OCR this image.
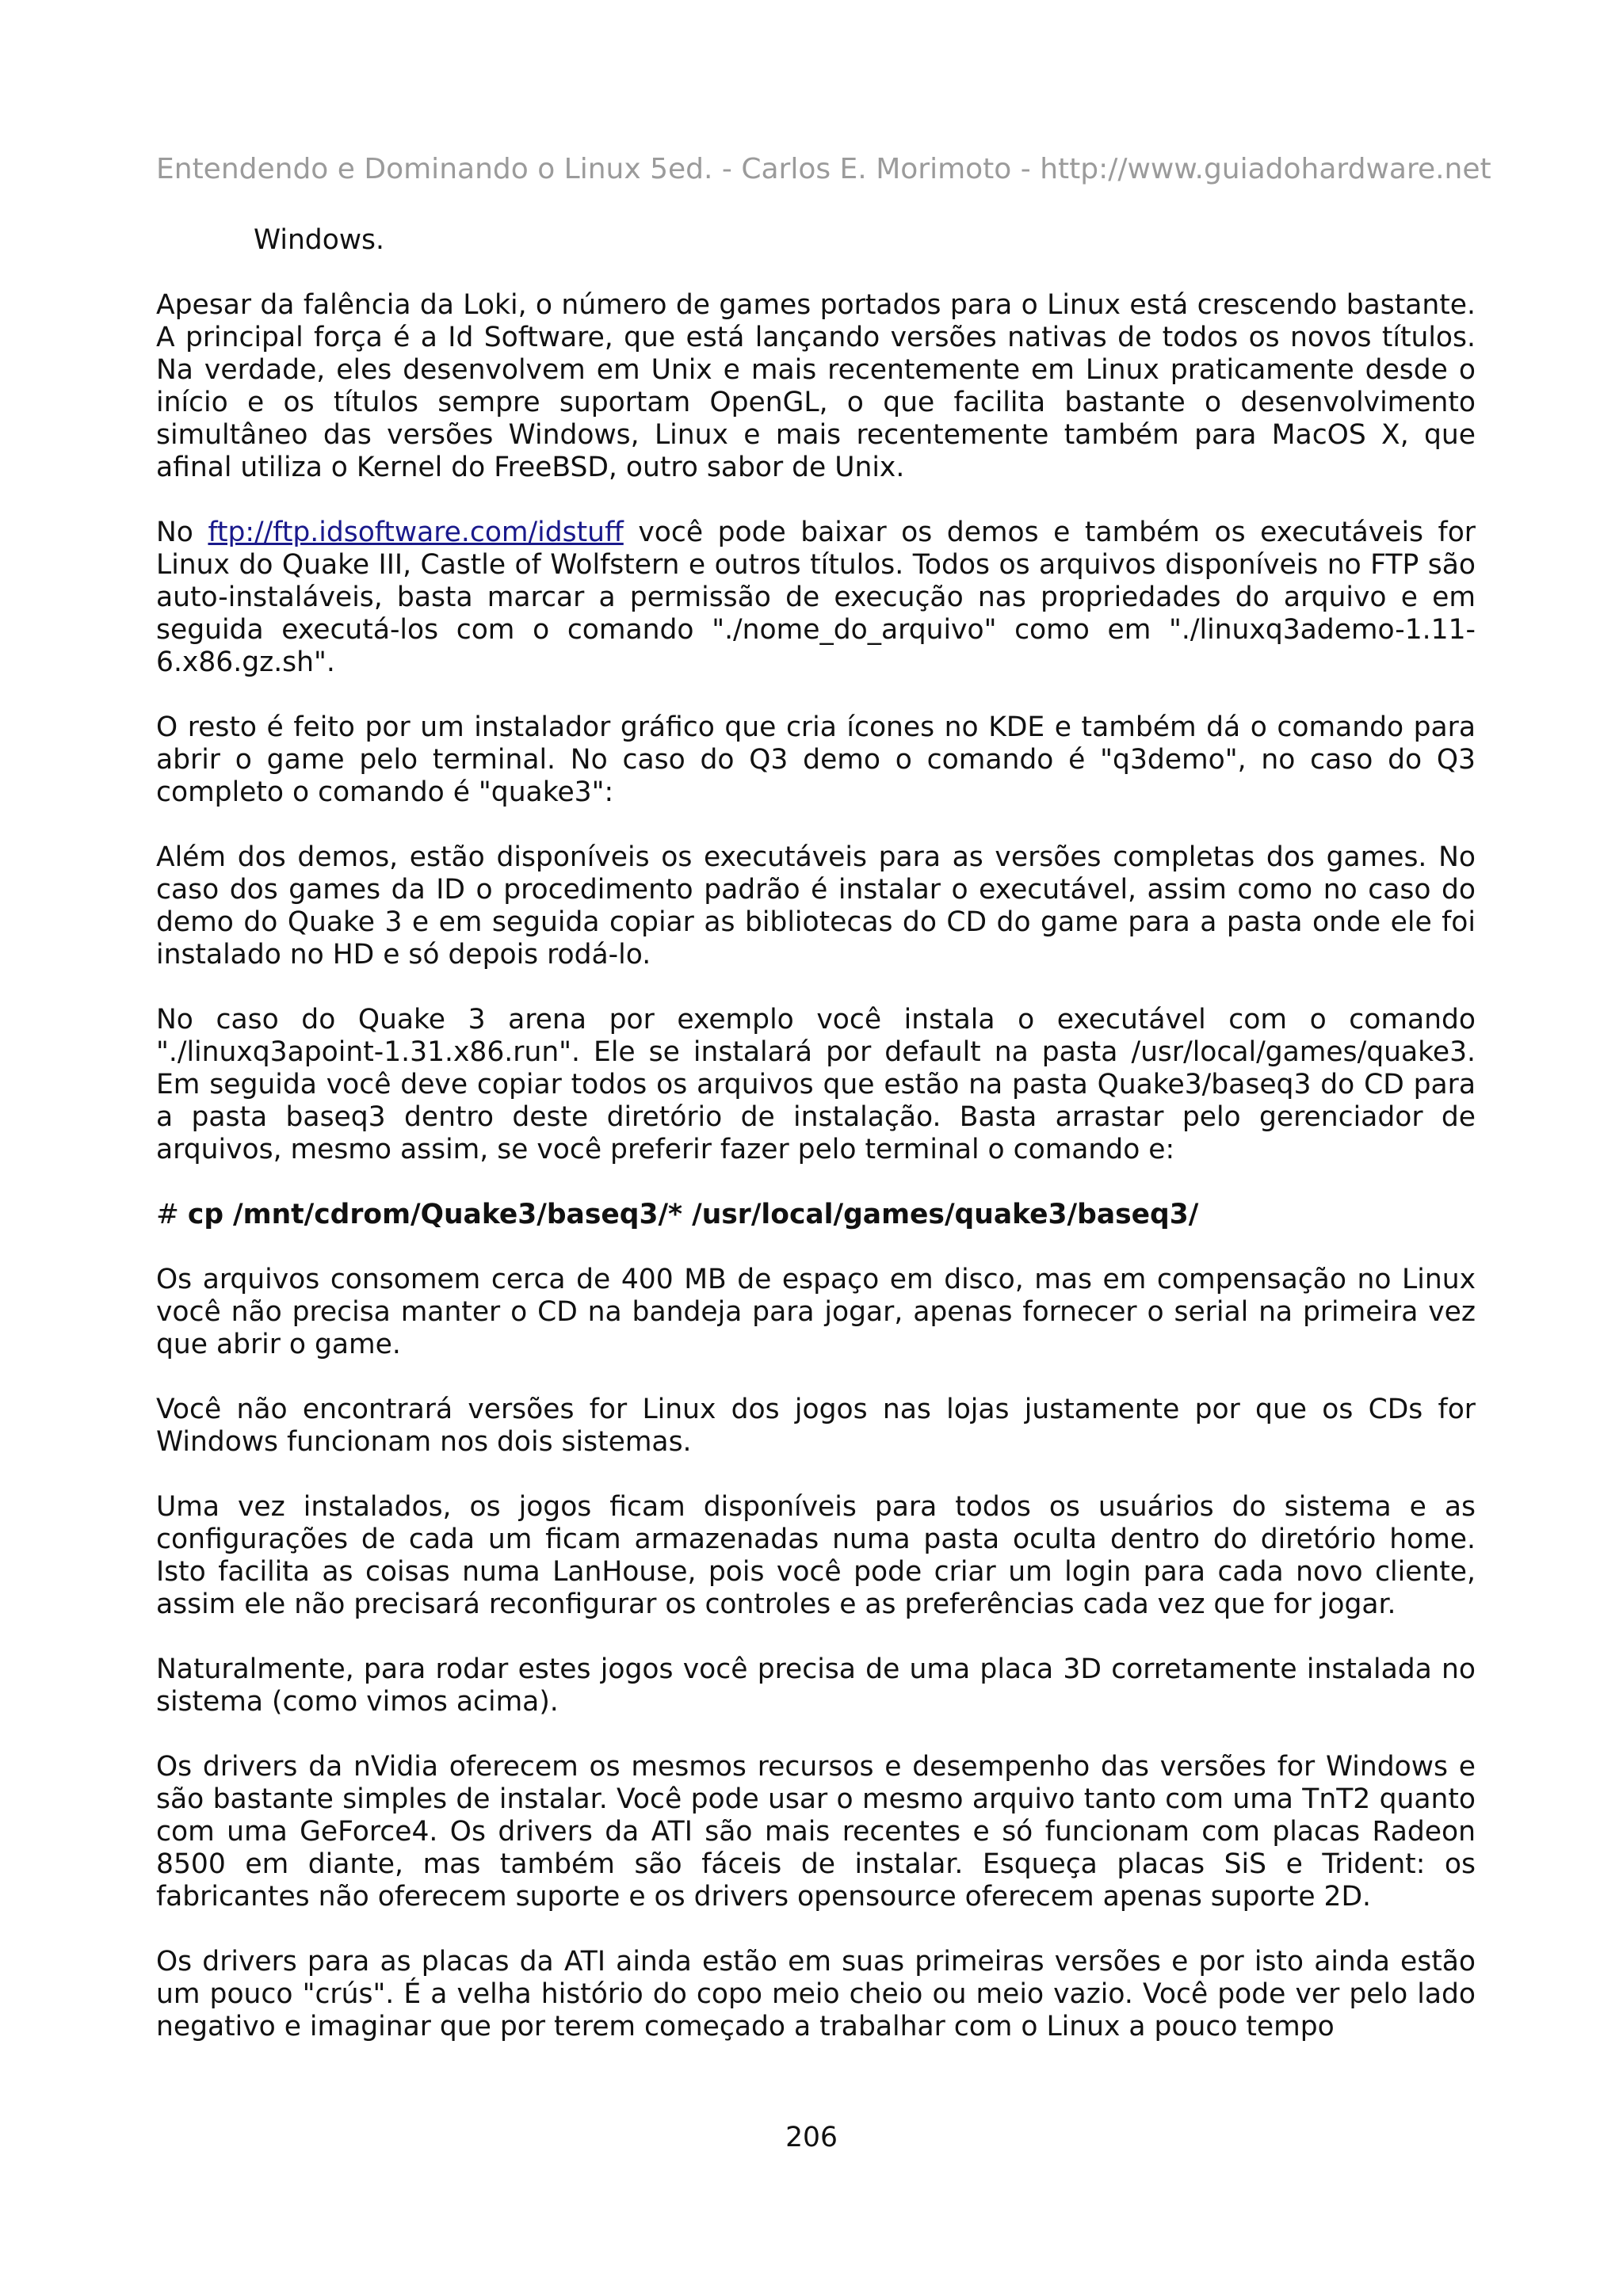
Entendendo e Dominando o Linux 5ed. - Carlos E. Morimoto - http://www.guiadohardware.net

Windows.

Apesar da falência da Loki, o número de games portados para o Linux está crescendo bastante. A principal força é a Id Software, que está lançando versões nativas de todos os novos títulos. Na verdade, eles desenvolvem em Unix e mais recentemente em Linux praticamente desde o início e os títulos sempre suportam OpenGL, o que facilita bastante o desenvolvimento simultâneo das versões Windows, Linux e mais recentemente também para MacOS X, que afinal utiliza o Kernel do FreeBSD, outro sabor de Unix.

No ftp://ftp.idsoftware.com/idstuff você pode baixar os demos e também os executáveis for Linux do Quake III, Castle of Wolfstern e outros títulos. Todos os arquivos disponíveis no FTP são auto-instaláveis, basta marcar a permissão de execução nas propriedades do arquivo e em seguida executá-los com o comando "./nome_do_arquivo" como em "./linuxq3ademo-1.11-6.x86.gz.sh".

O resto é feito por um instalador gráfico que cria ícones no KDE e também dá o comando para abrir o game pelo terminal. No caso do Q3 demo o comando é "q3demo", no caso do Q3 completo o comando é "quake3":

Além dos demos, estão disponíveis os executáveis para as versões completas dos games. No caso dos games da ID o procedimento padrão é instalar o executável, assim como no caso do demo do Quake 3 e em seguida copiar as bibliotecas do CD do game para a pasta onde ele foi instalado no HD e só depois rodá-lo.

No caso do Quake 3 arena por exemplo você instala o executável com o comando "./linuxq3apoint-1.31.x86.run". Ele se instalará por default na pasta /usr/local/games/quake3. Em seguida você deve copiar todos os arquivos que estão na pasta Quake3/baseq3 do CD para a pasta baseq3 dentro deste diretório de instalação. Basta arrastar pelo gerenciador de arquivos, mesmo assim, se você preferir fazer pelo terminal o comando e:

# cp /mnt/cdrom/Quake3/baseq3/* /usr/local/games/quake3/baseq3/

Os arquivos consomem cerca de 400 MB de espaço em disco, mas em compensação no Linux você não precisa manter o CD na bandeja para jogar, apenas fornecer o serial na primeira vez que abrir o game.

Você não encontrará versões for Linux dos jogos nas lojas justamente por que os CDs for Windows funcionam nos dois sistemas.

Uma vez instalados, os jogos ficam disponíveis para todos os usuários do sistema e as configurações de cada um ficam armazenadas numa pasta oculta dentro do diretório home. Isto facilita as coisas numa LanHouse, pois você pode criar um login para cada novo cliente, assim ele não precisará reconfigurar os controles e as preferências cada vez que for jogar.

Naturalmente, para rodar estes jogos você precisa de uma placa 3D corretamente instalada no sistema (como vimos acima).

Os drivers da nVidia oferecem os mesmos recursos e desempenho das versões for Windows e são bastante simples de instalar. Você pode usar o mesmo arquivo tanto com uma TnT2 quanto com uma GeForce4. Os drivers da ATI são mais recentes e só funcionam com placas Radeon 8500 em diante, mas também são fáceis de instalar. Esqueça placas SiS e Trident: os fabricantes não oferecem suporte e os drivers opensource oferecem apenas suporte 2D.

Os drivers para as placas da ATI ainda estão em suas primeiras versões e por isto ainda estão um pouco "crús". É a velha histório do copo meio cheio ou meio vazio. Você pode ver pelo lado negativo e imaginar que por terem começado a trabalhar com o Linux a pouco tempo

206
